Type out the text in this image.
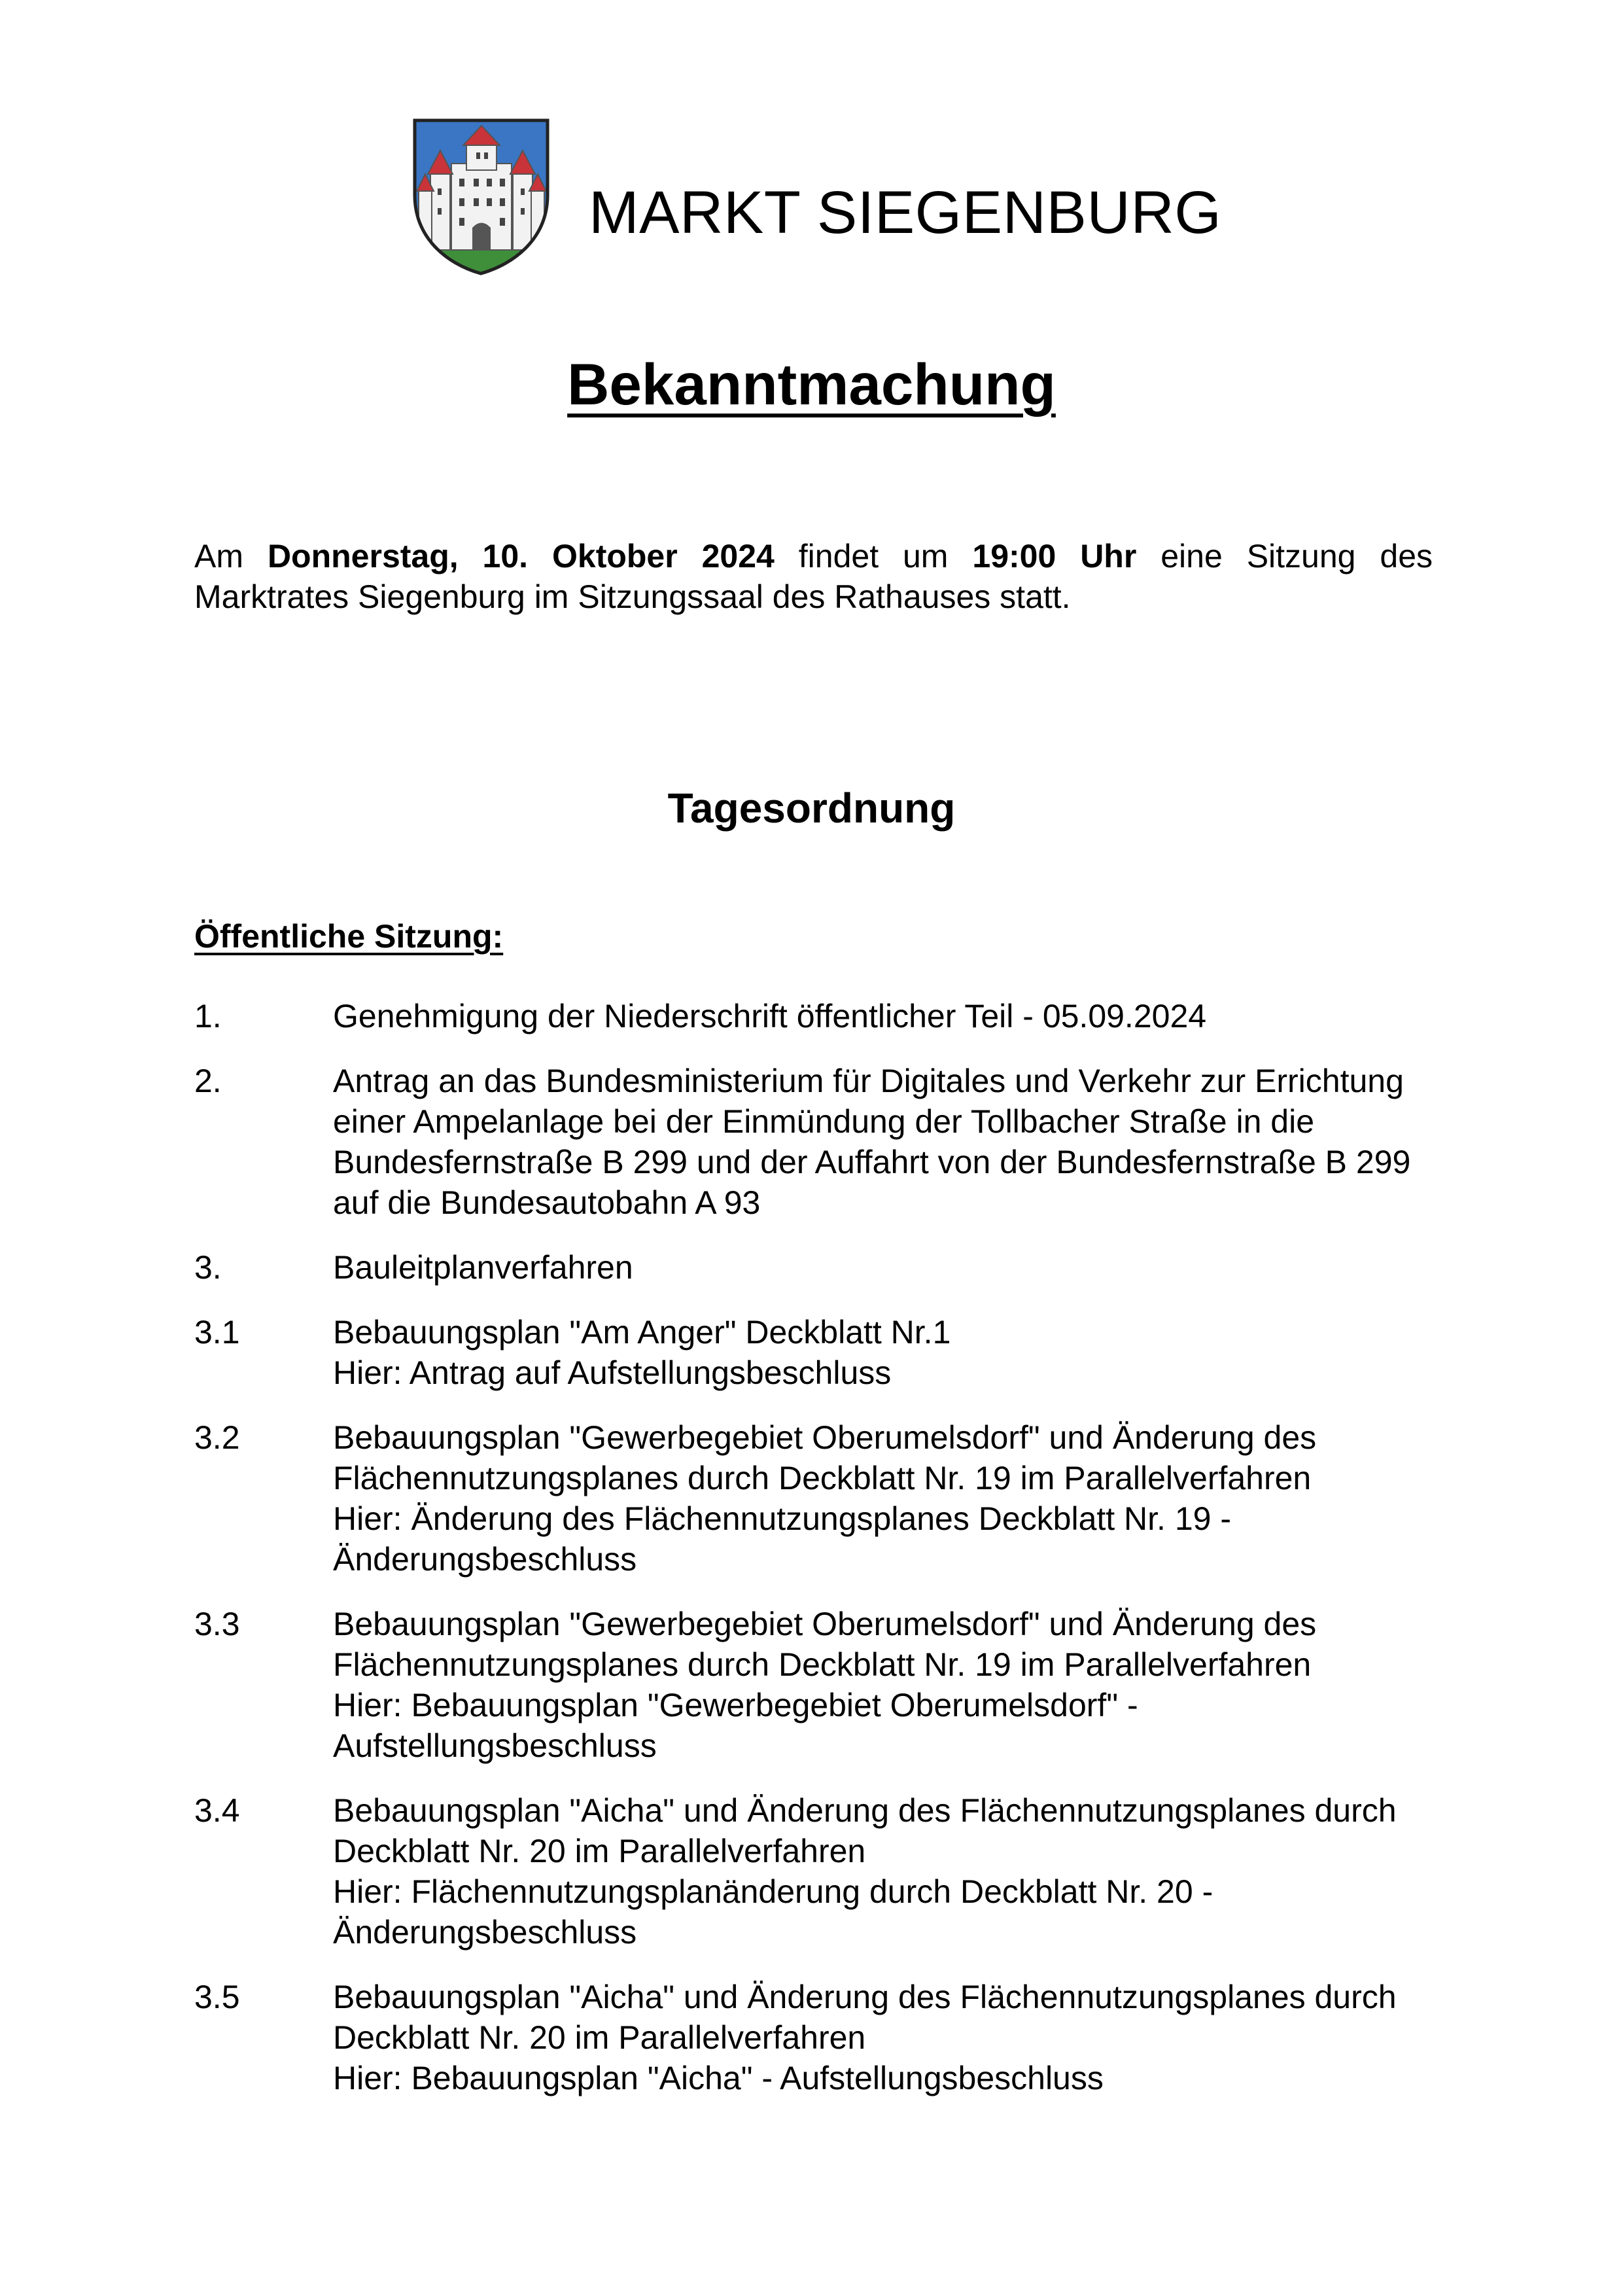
MARKT SIEGENBURG
Bekanntmachung
Am Donnerstag, 10. Oktober 2024 findet um 19:00 Uhr eine Sitzung des
Marktrates Siegenburg im Sitzungssaal des Rathauses statt.
Tagesordnung
Öffentliche Sitzung:
1.	Genehmigung der Niederschrift öffentlicher Teil - 05.09.2024
2.	Antrag an das Bundesministerium für Digitales und Verkehr zur Errichtung
einer Ampelanlage bei der Einmündung der Tollbacher Straße in die
Bundesfernstraße B 299 und der Auffahrt von der Bundesfernstraße B 299
auf die Bundesautobahn A 93
3.	Bauleitplanverfahren
3.1	Bebauungsplan "Am Anger" Deckblatt Nr.1
Hier: Antrag auf Aufstellungsbeschluss
3.2	Bebauungsplan "Gewerbegebiet Oberumelsdorf" und Änderung des
Flächennutzungsplanes durch Deckblatt Nr. 19 im Parallelverfahren
Hier: Änderung des Flächennutzungsplanes Deckblatt Nr. 19 -
Änderungsbeschluss
3.3	Bebauungsplan "Gewerbegebiet Oberumelsdorf" und Änderung des
Flächennutzungsplanes durch Deckblatt Nr. 19 im Parallelverfahren
Hier: Bebauungsplan "Gewerbegebiet Oberumelsdorf" -
Aufstellungsbeschluss
3.4	Bebauungsplan "Aicha" und Änderung des Flächennutzungsplanes durch
Deckblatt Nr. 20 im Parallelverfahren
Hier: Flächennutzungsplanänderung durch Deckblatt Nr. 20 -
Änderungsbeschluss
3.5	Bebauungsplan "Aicha" und Änderung des Flächennutzungsplanes durch
Deckblatt Nr. 20 im Parallelverfahren
Hier: Bebauungsplan "Aicha" - Aufstellungsbeschluss
